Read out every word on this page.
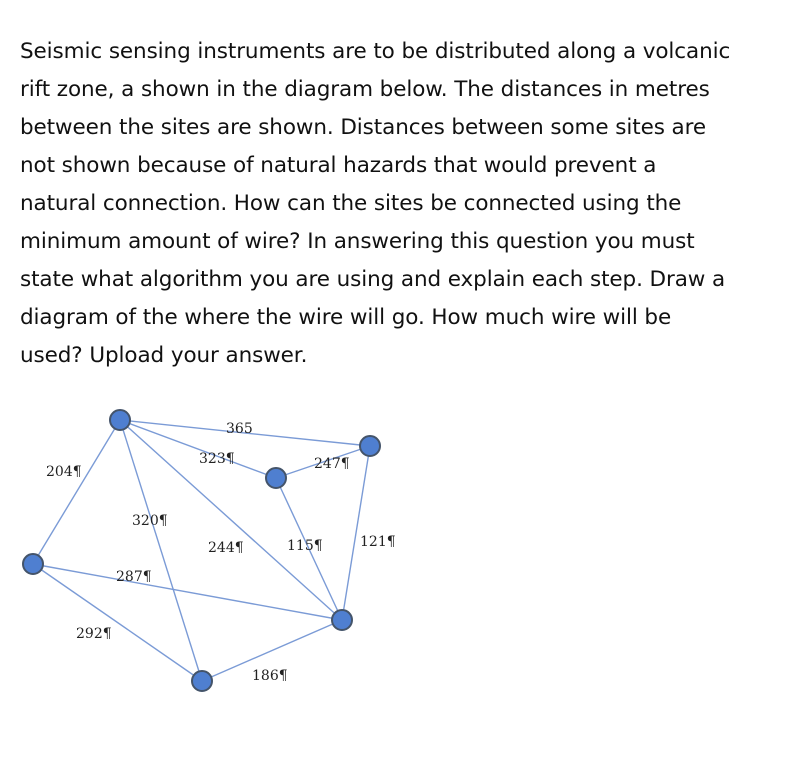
Seismic sensing instruments are to be distributed along a volcanic
rift zone, a shown in the diagram below. The distances in metres
between the sites are shown. Distances between some sites are
not shown because of natural hazards that would prevent a
natural connection. How can the sites be connected using the
minimum amount of wire? In answering this question you must
state what algorithm you are using and explain each step. Draw a
diagram of the where the wire will go. How much wire will be
used? Upload your answer.
365
323¶	247¶
204¶
320¶
244¶	115¶	121¶
287¶
292¶
186¶
